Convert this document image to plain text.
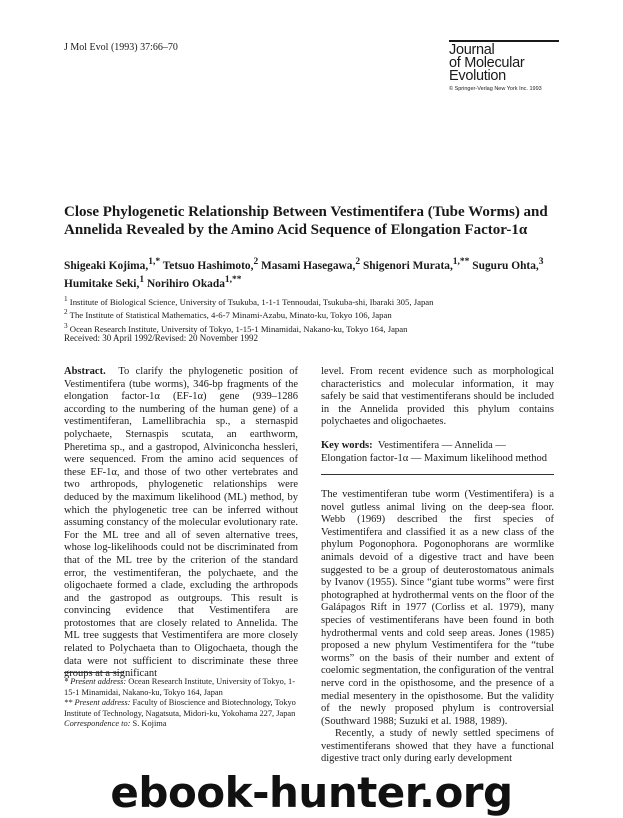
J Mol Evol (1993) 37:66–70	Journal
of Molecular
Evolution
© Springer-Verlag New York Inc. 1993
Close Phylogenetic Relationship Between Vestimentifera (Tube Worms) and Annelida Revealed by the Amino Acid Sequence of Elongation Factor-1α
Shigeaki Kojima,$^{1,*}$ Tetsuo Hashimoto,$^2$ Masami Hasegawa,$^2$ Shigenori Murata,$^{1,**}$ Suguru Ohta,$^3$
Humitake Seki,$^1$ Norihiro Okada$^{1,**}$
$^1$ Institute of Biological Science, University of Tsukuba, 1-1-1 Tennoudai, Tsukuba-shi, Ibaraki 305, Japan
$^2$ The Institute of Statistical Mathematics, 4-6-7 Minami-Azabu, Minato-ku, Tokyo 106, Japan
$^3$ Ocean Research Institute, University of Tokyo, 1-15-1 Minamidai, Nakano-ku, Tokyo 164, Japan
Received: 30 April 1992/Revised: 20 November 1992

Abstract. To clarify the phylogenetic position of Vestimentifera (tube worms), 346-bp fragments of the elongation factor-1α (EF-1α) gene (939–1286 according to the numbering of the human gene) of a vestimentiferan, Lamellibrachia sp., a sternaspid polychaete, Sternaspis scutata, an earthworm, Pheretima sp., and a gastropod, Alviniconcha hessleri, were sequenced. From the amino acid sequences of these EF-1α, and those of two other vertebrates and two arthropods, phylogenetic relationships were deduced by the maximum likelihood (ML) method, by which the phylogenetic tree can be inferred without assuming constancy of the molecular evolutionary rate. For the ML tree and all of seven alternative trees, whose log-likelihoods could not be discriminated from that of the ML tree by the criterion of the standard error, the vestimentiferan, the polychaete, and the oligochaete formed a clade, excluding the arthropods and the gastropod as outgroups. This result is convincing evidence that Vestimentifera are protostomes that are closely related to Annelida. The ML tree suggests that Vestimentifera are more closely related to Polychaeta than to Oligochaeta, though the data were not sufficient to discriminate these three groups at a significant

level. From recent evidence such as morphological characteristics and molecular information, it may safely be said that vestimentiferans should be included in the Annelida provided this phylum contains polychaetes and oligochaetes.

Key words: Vestimentifera — Annelida — Elongation factor-1α — Maximum likelihood method

The vestimentiferan tube worm (Vestimentifera) is a novel gutless animal living on the deep-sea floor. Webb (1969) described the first species of Vestimentifera and classified it as a new class of the phylum Pogonophora. Pogonophorans are wormlike animals devoid of a digestive tract and have been suggested to be a group of deuterostomatous animals by Ivanov (1955). Since “giant tube worms” were first photographed at hydrothermal vents on the floor of the Galápagos Rift in 1977 (Corliss et al. 1979), many species of vestimentiferans have been found in both hydrothermal vents and cold seep areas. Jones (1985) proposed a new phylum Vestimentifera for the “tube worms” on the basis of their number and extent of coelomic segmentation, the configuration of the ventral nerve cord in the opisthosome, and the presence of a medial mesentery in the opisthosome. But the validity of the newly proposed phylum is controversial (Southward 1988; Suzuki et al. 1988, 1989).

Recently, a study of newly settled specimens of vestimentiferans showed that they have a functional digestive tract only during early development

* Present address: Ocean Research Institute, University of Tokyo, 1-15-1 Minamidai, Nakano-ku, Tokyo 164, Japan
** Present address: Faculty of Bioscience and Biotechnology, Tokyo Institute of Technology, Nagatsuta, Midori-ku, Yokohama 227, Japan
Correspondence to: S. Kojima
ebook-hunter.org
